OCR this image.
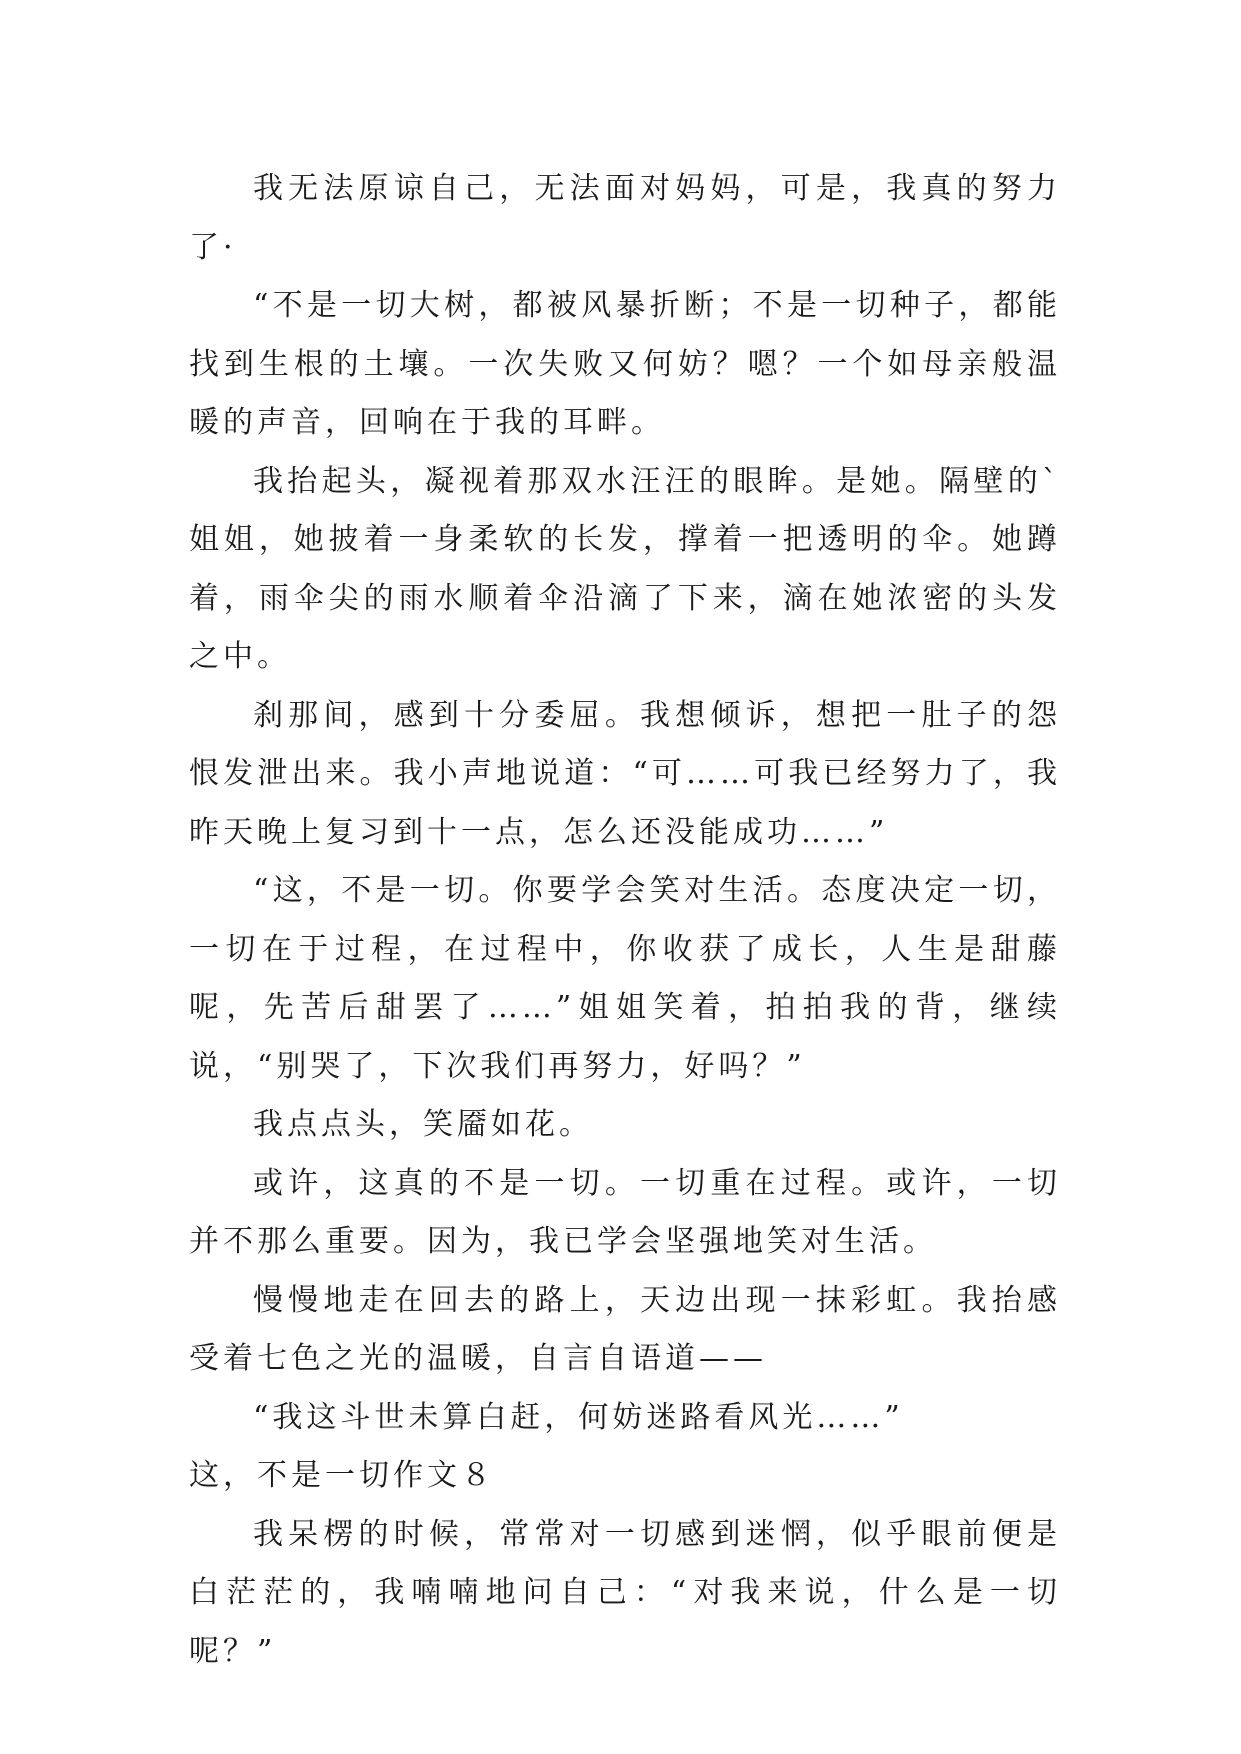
我无法原谅自己，无法面对妈妈，可是，我真的努力了·

“不是一切大树，都被风暴折断；不是一切种子，都能找到生根的土壤。一次失败又何妨？嗯？一个如母亲般温暖的声音，回响在于我的耳畔。

我抬起头，凝视着那双水汪汪的眼眸。是她。隔壁的`姐姐，她披着一身柔软的长发，撑着一把透明的伞。她蹲着，雨伞尖的雨水顺着伞沿滴了下来，滴在她浓密的头发之中。

刹那间，感到十分委屈。我想倾诉，想把一肚子的怨恨发泄出来。我小声地说道：“可……可我已经努力了，我昨天晚上复习到十一点，怎么还没能成功……”

“这，不是一切。你要学会笑对生活。态度决定一切，一切在于过程，在过程中，你收获了成长，人生是甜藤呢，先苦后甜罢了……”姐姐笑着，拍拍我的背，继续说，“别哭了，下次我们再努力，好吗？”

我点点头，笑靥如花。

或许，这真的不是一切。一切重在过程。或许，一切并不那么重要。因为，我已学会坚强地笑对生活。

慢慢地走在回去的路上，天边出现一抹彩虹。我抬感受着七色之光的温暖，自言自语道——

“我这斗世未算白赶，何妨迷路看风光……”

这，不是一切作文８

我呆楞的时候，常常对一切感到迷惘，似乎眼前便是白茫茫的，我喃喃地问自己：“对我来说，什么是一切呢？”
